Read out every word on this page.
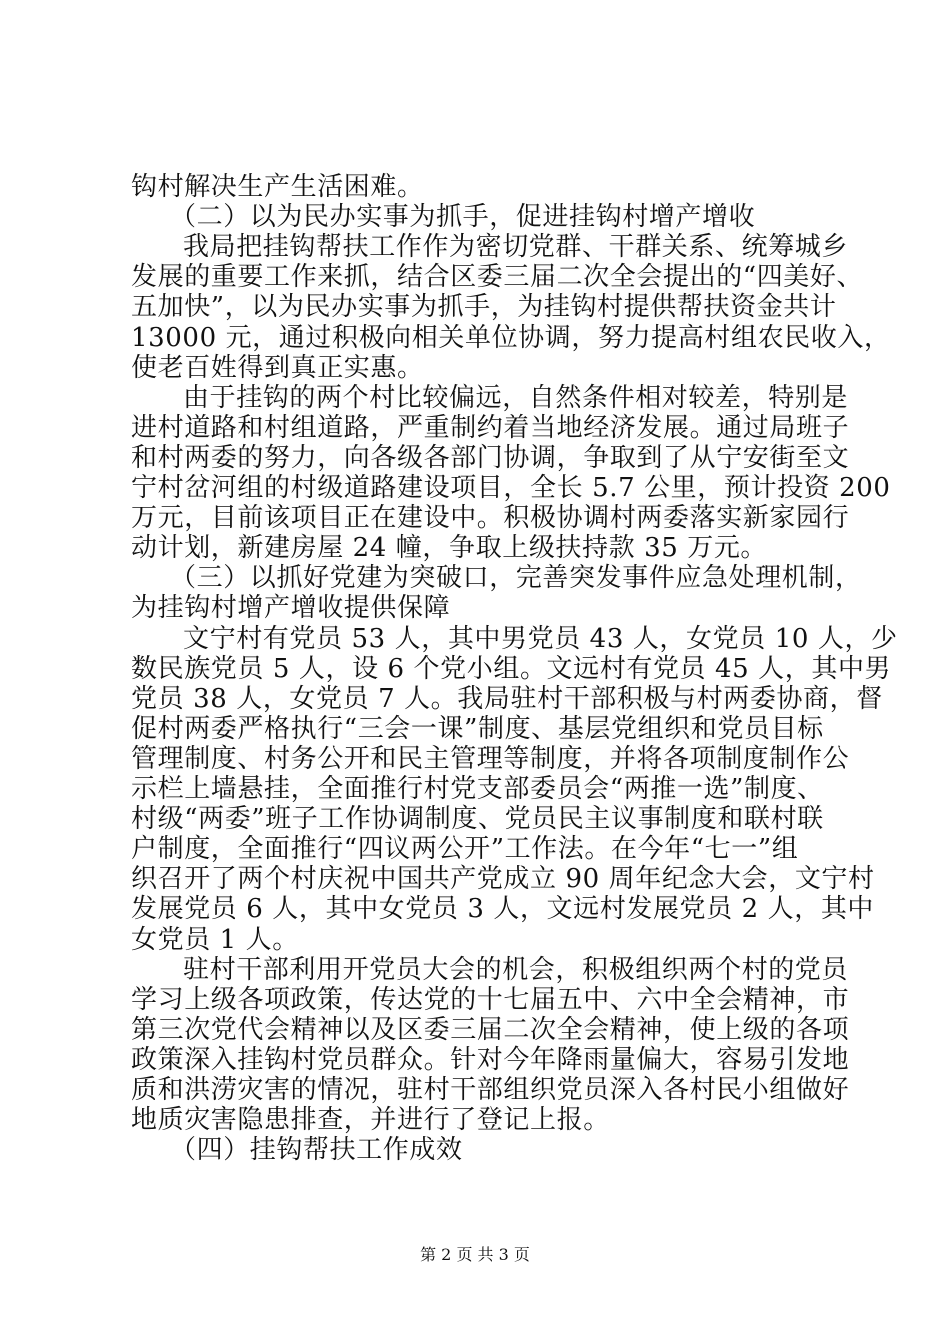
钩村解决生产生活困难。
（二）以为民办实事为抓手，促进挂钩村增产增收
我局把挂钩帮扶工作作为密切党群、干群关系、统筹城乡
发展的重要工作来抓，结合区委三届二次全会提出的“四美好、
五加快”，以为民办实事为抓手，为挂钩村提供帮扶资金共计
13000 元，通过积极向相关单位协调，努力提高村组农民收入，
使老百姓得到真正实惠。
由于挂钩的两个村比较偏远，自然条件相对较差，特别是
进村道路和村组道路，严重制约着当地经济发展。通过局班子
和村两委的努力，向各级各部门协调，争取到了从宁安街至文
宁村岔河组的村级道路建设项目，全长 5.7 公里，预计投资 200
万元，目前该项目正在建设中。积极协调村两委落实新家园行
动计划，新建房屋 24 幢，争取上级扶持款 35 万元。
（三）以抓好党建为突破口，完善突发事件应急处理机制，
为挂钩村增产增收提供保障
文宁村有党员 53 人，其中男党员 43 人，女党员 10 人，少
数民族党员 5 人，设 6 个党小组。文远村有党员 45 人，其中男
党员 38 人，女党员 7 人。我局驻村干部积极与村两委协商，督
促村两委严格执行“三会一课”制度、基层党组织和党员目标
管理制度、村务公开和民主管理等制度，并将各项制度制作公
示栏上墙悬挂，全面推行村党支部委员会“两推一选”制度、
村级“两委”班子工作协调制度、党员民主议事制度和联村联
户制度，全面推行“四议两公开”工作法。在今年“七一”组
织召开了两个村庆祝中国共产党成立 90 周年纪念大会，文宁村
发展党员 6 人，其中女党员 3 人，文远村发展党员 2 人，其中
女党员 1 人。
驻村干部利用开党员大会的机会，积极组织两个村的党员
学习上级各项政策，传达党的十七届五中、六中全会精神，市
第三次党代会精神以及区委三届二次全会精神，使上级的各项
政策深入挂钩村党员群众。针对今年降雨量偏大，容易引发地
质和洪涝灾害的情况，驻村干部组织党员深入各村民小组做好
地质灾害隐患排查，并进行了登记上报。
（四）挂钩帮扶工作成效
第 2 页 共 3 页
